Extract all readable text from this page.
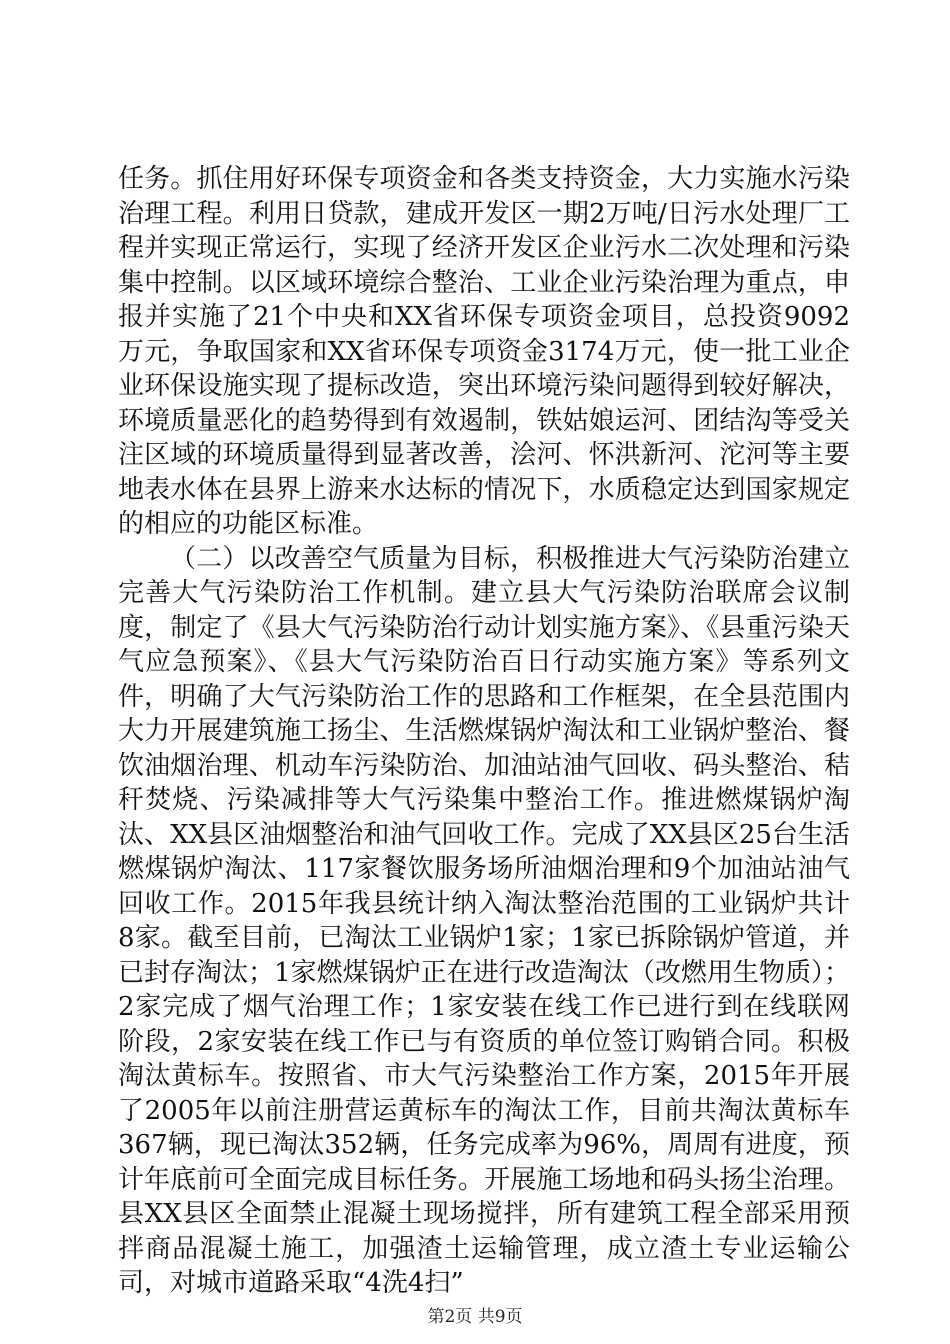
任务。抓住用好环保专项资金和各类支持资金，大力实施水污染治理工程。利用日贷款，建成开发区一期2万吨/日污水处理厂工程并实现正常运行，实现了经济开发区企业污水二次处理和污染集中控制。以区域环境综合整治、工业企业污染治理为重点，申报并实施了21个中央和XX省环保专项资金项目，总投资9092万元，争取国家和XX省环保专项资金3174万元，使一批工业企业环保设施实现了提标改造，突出环境污染问题得到较好解决，环境质量恶化的趋势得到有效遏制，铁姑娘运河、团结沟等受关注区域的环境质量得到显著改善，浍河、怀洪新河、沱河等主要地表水体在县界上游来水达标的情况下，水质稳定达到国家规定的相应的功能区标准。

（二）以改善空气质量为目标，积极推进大气污染防治建立完善大气污染防治工作机制。建立县大气污染防治联席会议制度，制定了《县大气污染防治行动计划实施方案》、《县重污染天气应急预案》、《县大气污染防治百日行动实施方案》等系列文件，明确了大气污染防治工作的思路和工作框架，在全县范围内大力开展建筑施工扬尘、生活燃煤锅炉淘汰和工业锅炉整治、餐饮油烟治理、机动车污染防治、加油站油气回收、码头整治、秸秆焚烧、污染减排等大气污染集中整治工作。推进燃煤锅炉淘汰、XX县区油烟整治和油气回收工作。完成了XX县区25台生活燃煤锅炉淘汰、117家餐饮服务场所油烟治理和9个加油站油气回收工作。2015年我县统计纳入淘汰整治范围的工业锅炉共计8家。截至目前，已淘汰工业锅炉1家；1家已拆除锅炉管道，并已封存淘汰；1家燃煤锅炉正在进行改造淘汰（改燃用生物质）；2家完成了烟气治理工作；1家安装在线工作已进行到在线联网阶段，2家安装在线工作已与有资质的单位签订购销合同。积极淘汰黄标车。按照省、市大气污染整治工作方案，2015年开展了2005年以前注册营运黄标车的淘汰工作，目前共淘汰黄标车367辆，现已淘汰352辆，任务完成率为96%，周周有进度，预计年底前可全面完成目标任务。开展施工场地和码头扬尘治理。县XX县区全面禁止混凝土现场搅拌，所有建筑工程全部采用预拌商品混凝土施工，加强渣土运输管理，成立渣土专业运输公司，对城市道路采取“4洗4扫”

第2页 共9页
